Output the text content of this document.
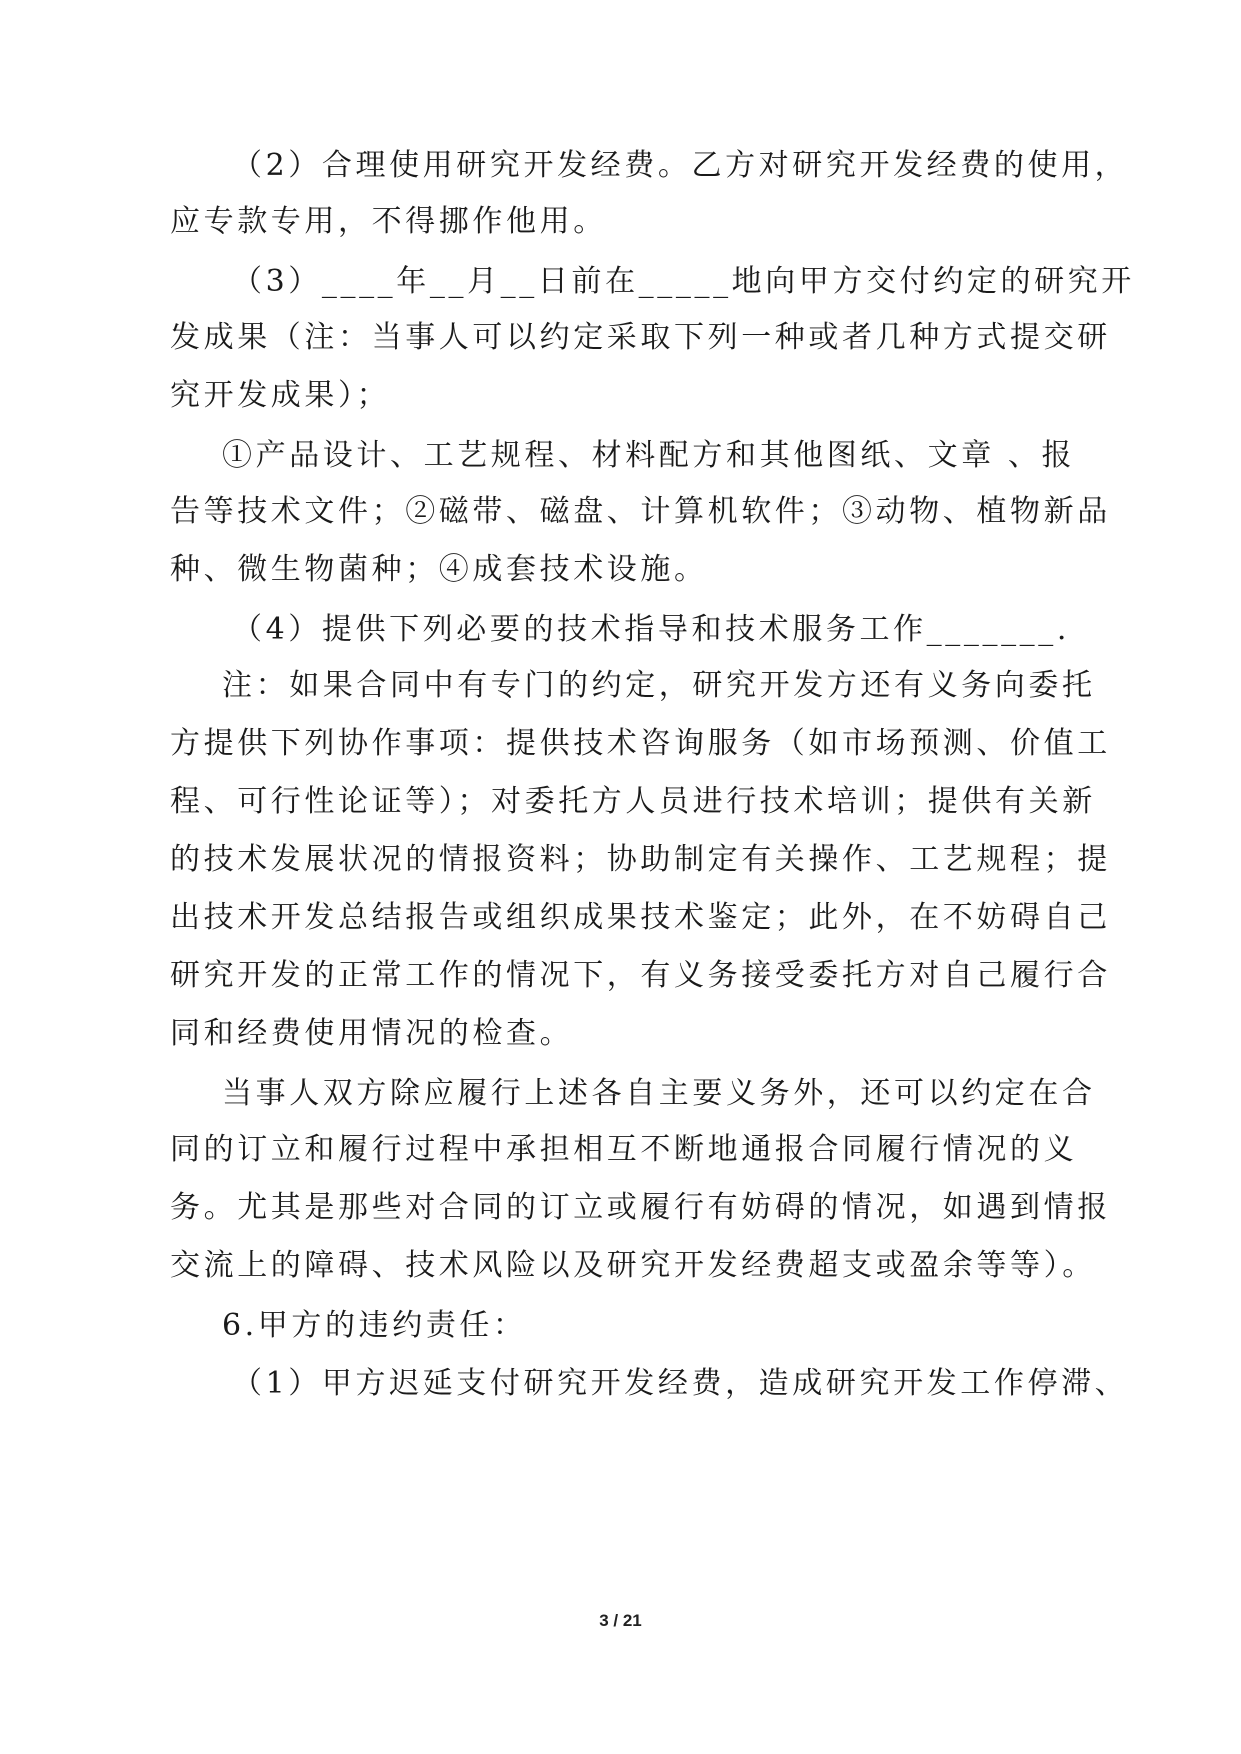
（2）合理使用研究开发经费。乙方对研究开发经费的使用，
应专款专用，不得挪作他用。
（3）____年__月__日前在_____地向甲方交付约定的研究开
发成果（注：当事人可以约定采取下列一种或者几种方式提交研
究开发成果）；
①产品设计、工艺规程、材料配方和其他图纸、文章 、报
告等技术文件；②磁带、磁盘、计算机软件；③动物、植物新品
种、微生物菌种；④成套技术设施。
（4）提供下列必要的技术指导和技术服务工作_______.
注：如果合同中有专门的约定，研究开发方还有义务向委托
方提供下列协作事项：提供技术咨询服务（如市场预测、价值工
程、可行性论证等）；对委托方人员进行技术培训；提供有关新
的技术发展状况的情报资料；协助制定有关操作、工艺规程；提
出技术开发总结报告或组织成果技术鉴定；此外，在不妨碍自己
研究开发的正常工作的情况下，有义务接受委托方对自己履行合
同和经费使用情况的检查。
当事人双方除应履行上述各自主要义务外，还可以约定在合
同的订立和履行过程中承担相互不断地通报合同履行情况的义
务。尤其是那些对合同的订立或履行有妨碍的情况，如遇到情报
交流上的障碍、技术风险以及研究开发经费超支或盈余等等）。
6.甲方的违约责任：
（1）甲方迟延支付研究开发经费，造成研究开发工作停滞、
3 / 21
